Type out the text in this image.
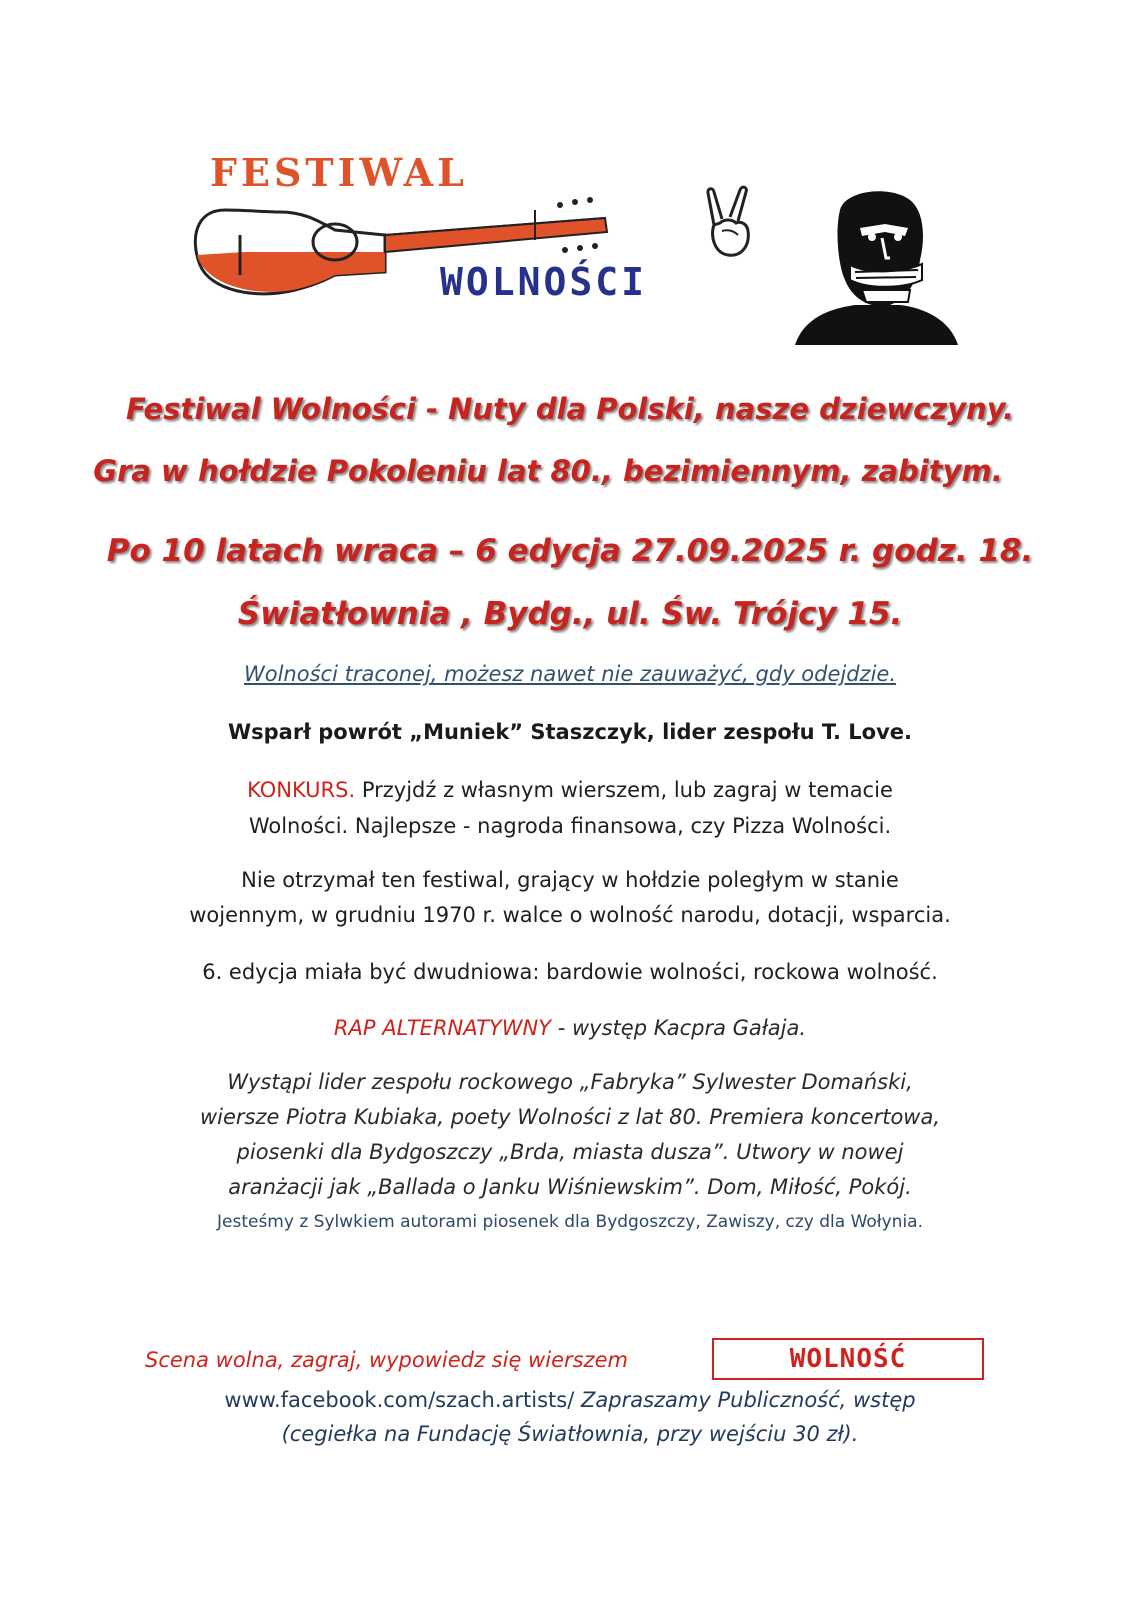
FESTIWAL
WOLNOŚCI
Festiwal Wolności - Nuty dla Polski, nasze dziewczyny.
Gra w hołdzie Pokoleniu lat 80., bezimiennym, zabitym.
Po 10 latach wraca – 6 edycja 27.09.2025 r. godz. 18.
Światłownia , Bydg., ul. Św. Trójcy 15.
Wolności traconej, możesz nawet nie zauważyć, gdy odejdzie.
Wsparł powrót „Muniek” Staszczyk, lider zespołu T. Love.
KONKURS. Przyjdź z własnym wierszem, lub zagraj w temacie
Wolności. Najlepsze - nagroda finansowa, czy Pizza Wolności.
Nie otrzymał ten festiwal, grający w hołdzie poległym w stanie
wojennym, w grudniu 1970 r. walce o wolność narodu, dotacji, wsparcia.
6. edycja miała być dwudniowa: bardowie wolności, rockowa wolność.
RAP ALTERNATYWNY - występ Kacpra Gałaja.
Wystąpi lider zespołu rockowego „Fabryka” Sylwester Domański,
wiersze Piotra Kubiaka, poety Wolności z lat 80. Premiera koncertowa,
piosenki dla Bydgoszczy „Brda, miasta dusza”. Utwory w nowej
aranżacji jak „Ballada o Janku Wiśniewskim”. Dom, Miłość, Pokój.
Jesteśmy z Sylwkiem autorami piosenek dla Bydgoszczy, Zawiszy, czy dla Wołynia.
Scena wolna, zagraj, wypowiedz się wierszem	WOLNOŚĆ
www.facebook.com/szach.artists/ Zapraszamy Publiczność, wstęp
(cegiełka na Fundację Światłownia, przy wejściu 30 zł).
